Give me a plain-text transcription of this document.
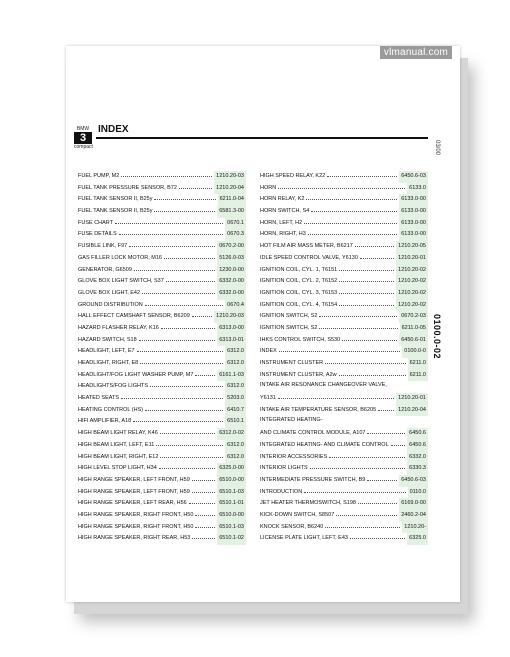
BMW
3
compact
INDEX
03/00
0100.0-02
FUEL PUMP, M2	1210.20-03
FUEL TANK PRESSURE SENSOR, B72	1210.20-04
FUEL TANK SENSOR II, B25y	6211.0-04
FUEL TANK SENSOR II, B25y	6581.3-00
FUSE CHART	0670.1
FUSE DETAILS	0670.3
FUSIBLE LINK, F97	0670.2-00
GAS FILLER LOCK MOTOR, M16	5126.0-03
GENERATOR, G6509	1230.0-00
GLOVE BOX LIGHT SWITCH, S37	6332.0-00
GLOVE BOX LIGHT, E42	6332.0-00
GROUND DISTRIBUTION	0670.4
HALL EFFECT CAMSHAFT SENSOR, B6209	1210.20-03
HAZARD FLASHER RELAY, K16	6313.0-00
HAZARD SWITCH, S18	6313.0-01
HEADLIGHT, LEFT, E7	6312.0
HEADLIGHT, RIGHT, E8	6312.0
HEADLIGHT/FOG LIGHT WASHER PUMP, M7	6161.1-03
HEADLIGHTS/FOG LIGHTS	6312.0
HEATED SEATS	5203.0
HEATING CONTROL (HS)	6410.7
HIFI AMPLIFIER, A18	6510.1
HIGH BEAM LIGHT RELAY, K46	6312.0-02
HIGH BEAM LIGHT, LEFT, E11	6312.0
HIGH BEAM LIGHT, RIGHT, E12	6312.0
HIGH LEVEL STOP LIGHT, H34	6325.0-00
HIGH RANGE SPEAKER, LEFT FRONT, H59	6510.0-00
HIGH RANGE SPEAKER, LEFT FRONT, H59	6510.1-03
HIGH RANGE SPEAKER, LEFT REAR, H56	6510.1-01
HIGH RANGE SPEAKER, RIGHT FRONT, H50	6510.0-00
HIGH RANGE SPEAKER, RIGHT FRONT, H50	6510.1-03
HIGH RANGE SPEAKER, RIGHT REAR, H53	6510.1-02
HIGH SPEED RELAY, K22	6450.6-03
HORN	6133.0
HORN RELAY, K2	6133.0-00
HORN SWITCH, S4	6133.0-00
HORN, LEFT, H2	6133.0-00
HORN, RIGHT, H3	6133.0-00
HOT FILM AIR MASS METER, B6217	1210.20-05
IDLE SPEED CONTROL VALVE, Y6130	1210.20-01
IGNITION COIL, CYL. 1, T6151	1210.20-02
IGNITION COIL, CYL. 2, T6152	1210.20-02
IGNITION COIL, CYL. 3, T6153	1210.20-02
IGNITION COIL, CYL. 4, T6154	1210.20-02
IGNITION SWITCH, S2	0670.2-03
IGNITION SWITCH, S2	6211.0-05
IHKS CONTROL SWITCH, S530	6450.6-01
INDEX	0100.0-0
INSTRUMENT CLUSTER	6211.0
INSTRUMENT CLUSTER, A2w	6211.0
INTAKE AIR RESONANCE CHANGEOVER VALVE,
Y6131	1210.20-01
INTAKE AIR TEMPERATURE SENSOR, B6205	1210.20-04
INTEGRATED HEATING-
AND CLIMATE CONTROL MODULE, A107	6450.6
INTEGRATED HEATING- AND CLIMATE CONTROL	6450.6
INTERIOR ACCESSORIES	6332.0
INTERIOR LIGHTS	6330.3
INTERMEDIATE PRESSURE SWITCH, B9	6450.6-03
INTRODUCTION	0110.0
JET HEATER THERMOSWITCH, S198	6169.0-00
KICK-DOWN SWITCH, S8507	2460.2-04
KNOCK SENSOR, B6240	1210.20-
LICENSE PLATE LIGHT, LEFT, E43	6325.0
vlmanual.com
